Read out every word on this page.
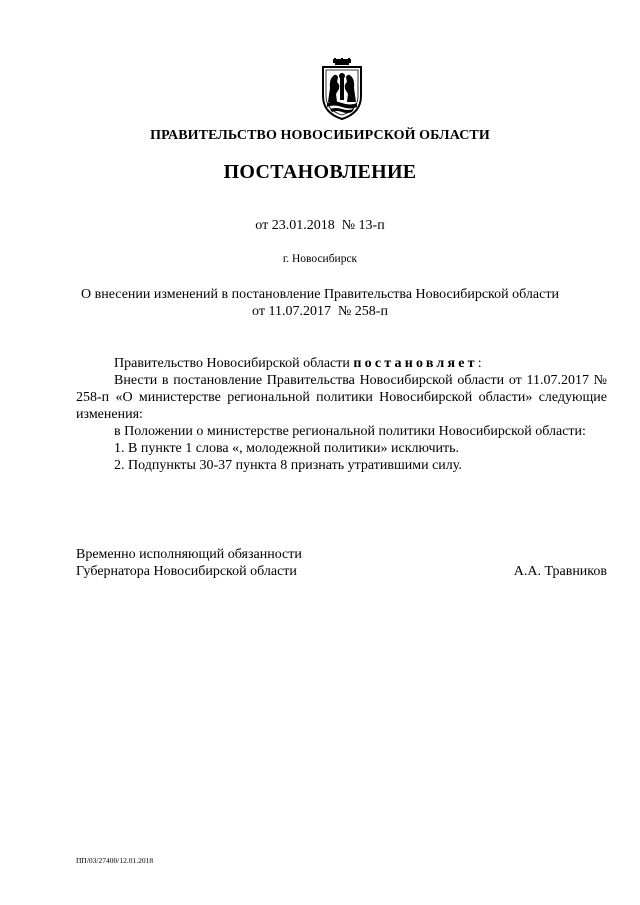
ПРАВИТЕЛЬСТВО НОВОСИБИРСКОЙ ОБЛАСТИ
ПОСТАНОВЛЕНИЕ
от 23.01.2018  № 13-п
г. Новосибирск
О внесении изменений в постановление Правительства Новосибирской области
от 11.07.2017  № 258-п

Правительство Новосибирской области постановляет:

Внести в постановление Правительства Новосибирской области от 11.07.2017 № 258-п «О министерстве региональной политики Новосибирской области» следующие изменения:

в Положении о министерстве региональной политики Новосибирской области:

1. В пункте 1 слова «, молодежной политики» исключить.

2. Подпункты 30-37 пункта 8 признать утратившими силу.

Временно исполняющий обязанности
Губернатора Новосибирской области	А.А. Травников
ПП/03/27400/12.01.2018
